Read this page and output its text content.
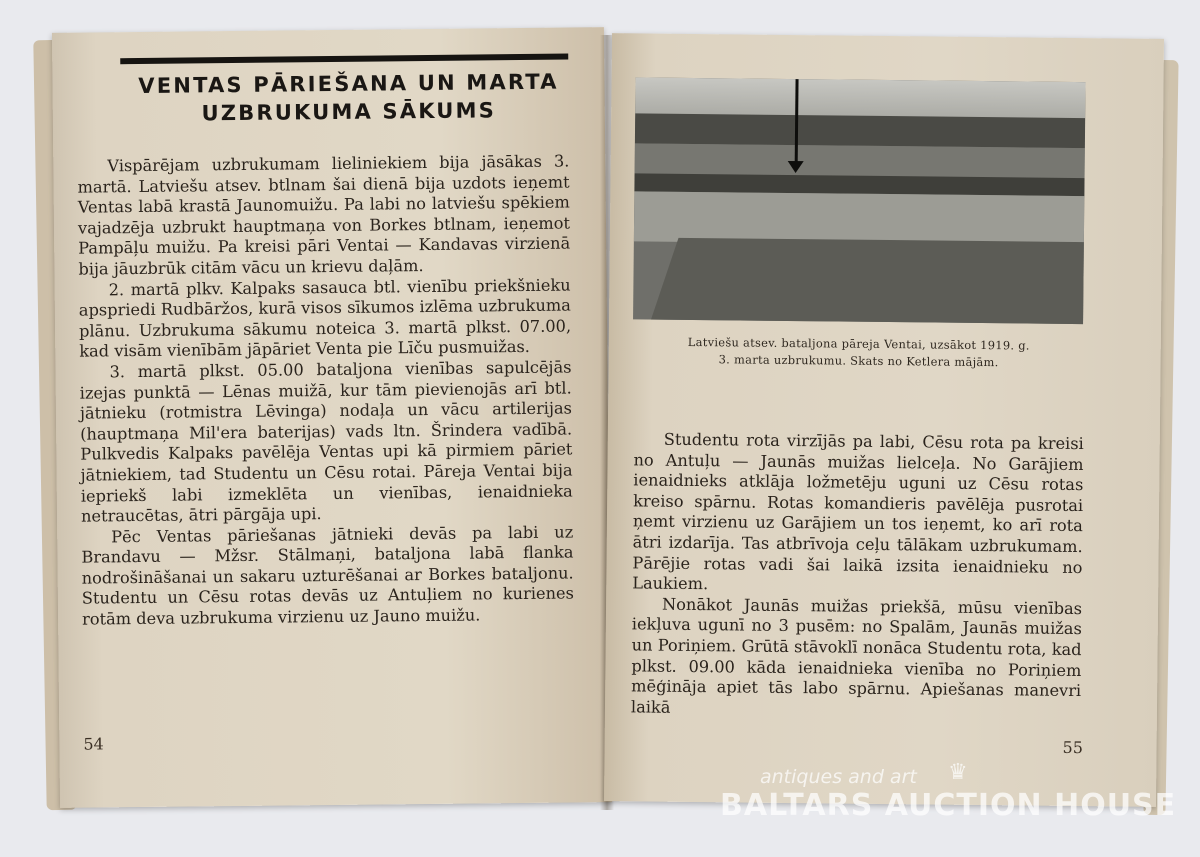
VENTAS PĀRIEŠANA UN MARTA
UZBRUKUMA SĀKUMS

Vispārējam uzbrukumam lieliniekiem bija jāsākas 3. martā. Latviešu atsev. btlnam šai dienā bija uzdots ieņemt Ventas labā krastā Jaunomuižu. Pa labi no latviešu spēkiem vajadzēja uzbrukt hauptmaņa von Borkes btlnam, ieņemot Pampāļu muižu. Pa kreisi pāri Ventai — Kandavas virzienā bija jāuzbrūk citām vācu un krievu daļām.

2. martā plkv. Kalpaks sasauca btl. vienību priekšnieku apspriedi Rudbāržos, kurā visos sīkumos izlēma uzbrukuma plānu. Uzbrukuma sākumu noteica 3. martā plkst. 07.00, kad visām vienībām jāpāriet Venta pie Līču pusmuižas.

3. martā plkst. 05.00 bataljona vienības sapulcējās izejas punktā — Lēnas muižā, kur tām pievienojās arī btl. jātnieku (rotmistra Lēvinga) nodaļa un vācu artilerijas (hauptmaņa Mil'era baterijas) vads ltn. Šrindera vadībā. Pulkvedis Kalpaks pavēlēja Ventas upi kā pirmiem pāriet jātniekiem, tad Studentu un Cēsu rotai. Pāreja Ventai bija iepriekš labi izmeklēta un vienības, ienaidnieka netraucētas, ātri pārgāja upi.

Pēc Ventas pāriešanas jātnieki devās pa labi uz Brandavu — Mžsr. Stālmaņi, bataljona labā flanka nodrošināšanai un sakaru uzturēšanai ar Borkes bataljonu. Studentu un Cēsu rotas devās uz Antuļiem no kurienes rotām deva uzbrukuma virzienu uz Jauno muižu.

54
Latviešu atsev. bataljona pāreja Ventai, uzsākot 1919. g.
3. marta uzbrukumu. Skats no Ketlera mājām.

Studentu rota virzījās pa labi, Cēsu rota pa kreisi no Antuļu — Jaunās muižas lielceļa. No Garājiem ienaidnieks atklāja ložmetēju uguni uz Cēsu rotas kreiso spārnu. Rotas komandieris pavēlēja pusrotai ņemt virzienu uz Garājiem un tos ieņemt, ko arī rota ātri izdarīja. Tas atbrīvoja ceļu tālākam uzbrukumam. Pārējie rotas vadi šai laikā izsita ienaidnieku no Laukiem.

Nonākot Jaunās muižas priekšā, mūsu vienības iekļuva ugunī no 3 pusēm: no Spalām, Jaunās muižas un Poriņiem. Grūtā stāvoklī nonāca Studentu rota, kad plkst. 09.00 kāda ienaidnieka vienība no Poriņiem mēģināja apiet tās labo spārnu. Apiešanas manevri laikā

55
antiques and art ♛
BALTARS AUCTION HOUSE
